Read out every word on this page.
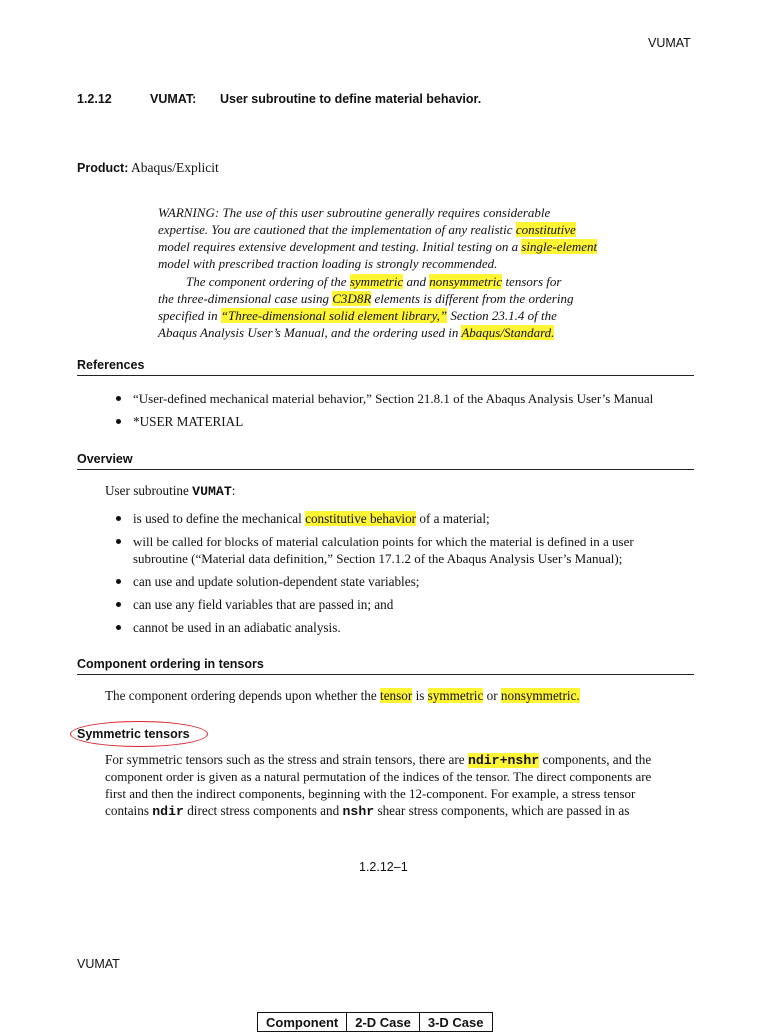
VUMAT
1.2.12	VUMAT: User subroutine to define material behavior.
Product: Abaqus/Explicit
WARNING: The use of this user subroutine generally requires considerable
expertise. You are cautioned that the implementation of any realistic constitutive
model requires extensive development and testing. Initial testing on a single-element
model with prescribed traction loading is strongly recommended.
The component ordering of the symmetric and nonsymmetric tensors for
the three-dimensional case using C3D8R elements is different from the ordering
specified in “Three-dimensional solid element library,” Section 23.1.4 of the
Abaqus Analysis User’s Manual, and the ordering used in Abaqus/Standard.
References
“User-defined mechanical material behavior,” Section 21.8.1 of the Abaqus Analysis User’s Manual
*USER MATERIAL
Overview
User subroutine VUMAT:
is used to define the mechanical constitutive behavior of a material;
will be called for blocks of material calculation points for which the material is defined in a user
subroutine (“Material data definition,” Section 17.1.2 of the Abaqus Analysis User’s Manual);
can use and update solution-dependent state variables;
can use any field variables that are passed in; and
cannot be used in an adiabatic analysis.
Component ordering in tensors
The component ordering depends upon whether the tensor is symmetric or nonsymmetric.
Symmetric tensors
For symmetric tensors such as the stress and strain tensors, there are ndir+nshr components, and the
component order is given as a natural permutation of the indices of the tensor. The direct components are
first and then the indirect components, beginning with the 12-component. For example, a stress tensor
contains ndir direct stress components and nshr shear stress components, which are passed in as
1.2.12–1
VUMAT
Component	2-D Case	3-D Case
